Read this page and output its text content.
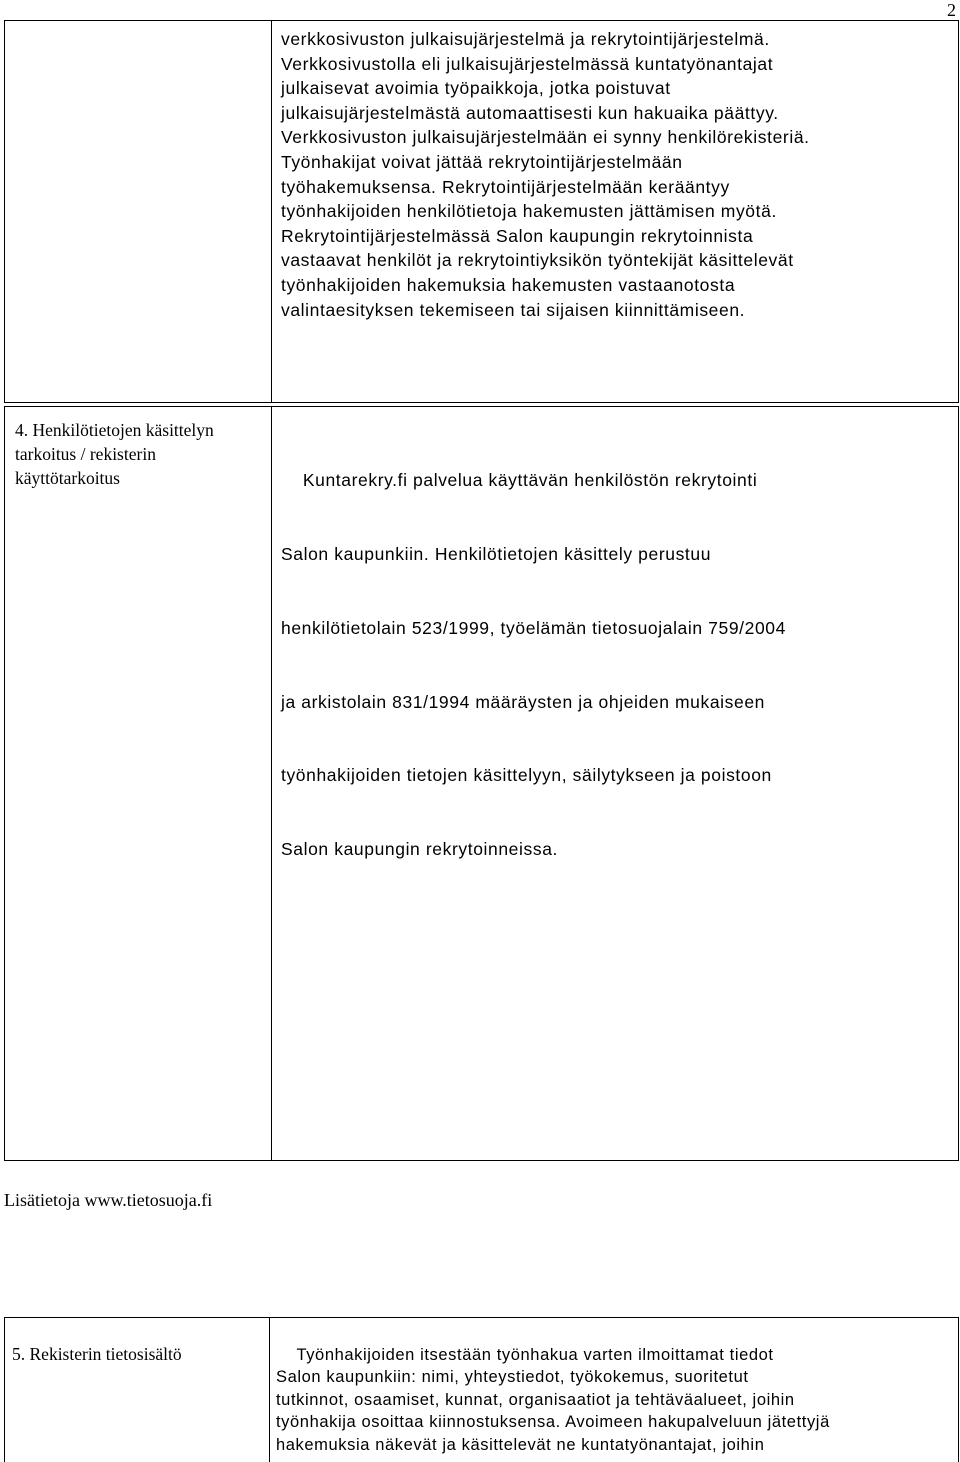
2
verkkosivuston julkaisujärjestelmä ja rekrytointijärjestelmä.
Verkkosivustolla eli julkaisujärjestelmässä kuntatyönantajat
julkaisevat avoimia työpaikkoja, jotka poistuvat
julkaisujärjestelmästä automaattisesti kun hakuaika päättyy.
Verkkosivuston julkaisujärjestelmään ei synny henkilörekisteriä.
Työnhakijat voivat jättää rekrytointijärjestelmään
työhakemuksensa. Rekrytointijärjestelmään kerääntyy
työnhakijoiden henkilötietoja hakemusten jättämisen myötä.
Rekrytointijärjestelmässä Salon kaupungin rekrytoinnista
vastaavat henkilöt ja rekrytointiyksikön työntekijät käsittelevät
työnhakijoiden hakemuksia hakemusten vastaanotosta
valintaesityksen tekemiseen tai sijaisen kiinnittämiseen.
4. Henkilötietojen käsittelyn
tarkoitus / rekisterin
käyttötarkoitus

	Kuntarekry.fi palvelua käyttävän henkilöstön rekrytointi

Salon kaupunkiin. Henkilötietojen käsittely perustuu

henkilötietolain 523/1999, työelämän tietosuojalain 759/2004

ja arkistolain 831/1994 määräysten ja ohjeiden mukaiseen

työnhakijoiden tietojen käsittelyyn, säilytykseen ja poistoon

Salon kaupungin rekrytoinneissa.

Lisätietoja www.tietosuoja.fi
5. Rekisterin tietosisältö	Työnhakijoiden itsestään työnhakua varten ilmoittamat tiedot
Salon kaupunkiin: nimi, yhteystiedot, työkokemus, suoritetut
tutkinnot, osaamiset, kunnat, organisaatiot ja tehtäväalueet, joihin
työnhakija osoittaa kiinnostuksensa. Avoimeen hakupalveluun jätettyjä
hakemuksia näkevät ja käsittelevät ne kuntatyönantajat, joihin
